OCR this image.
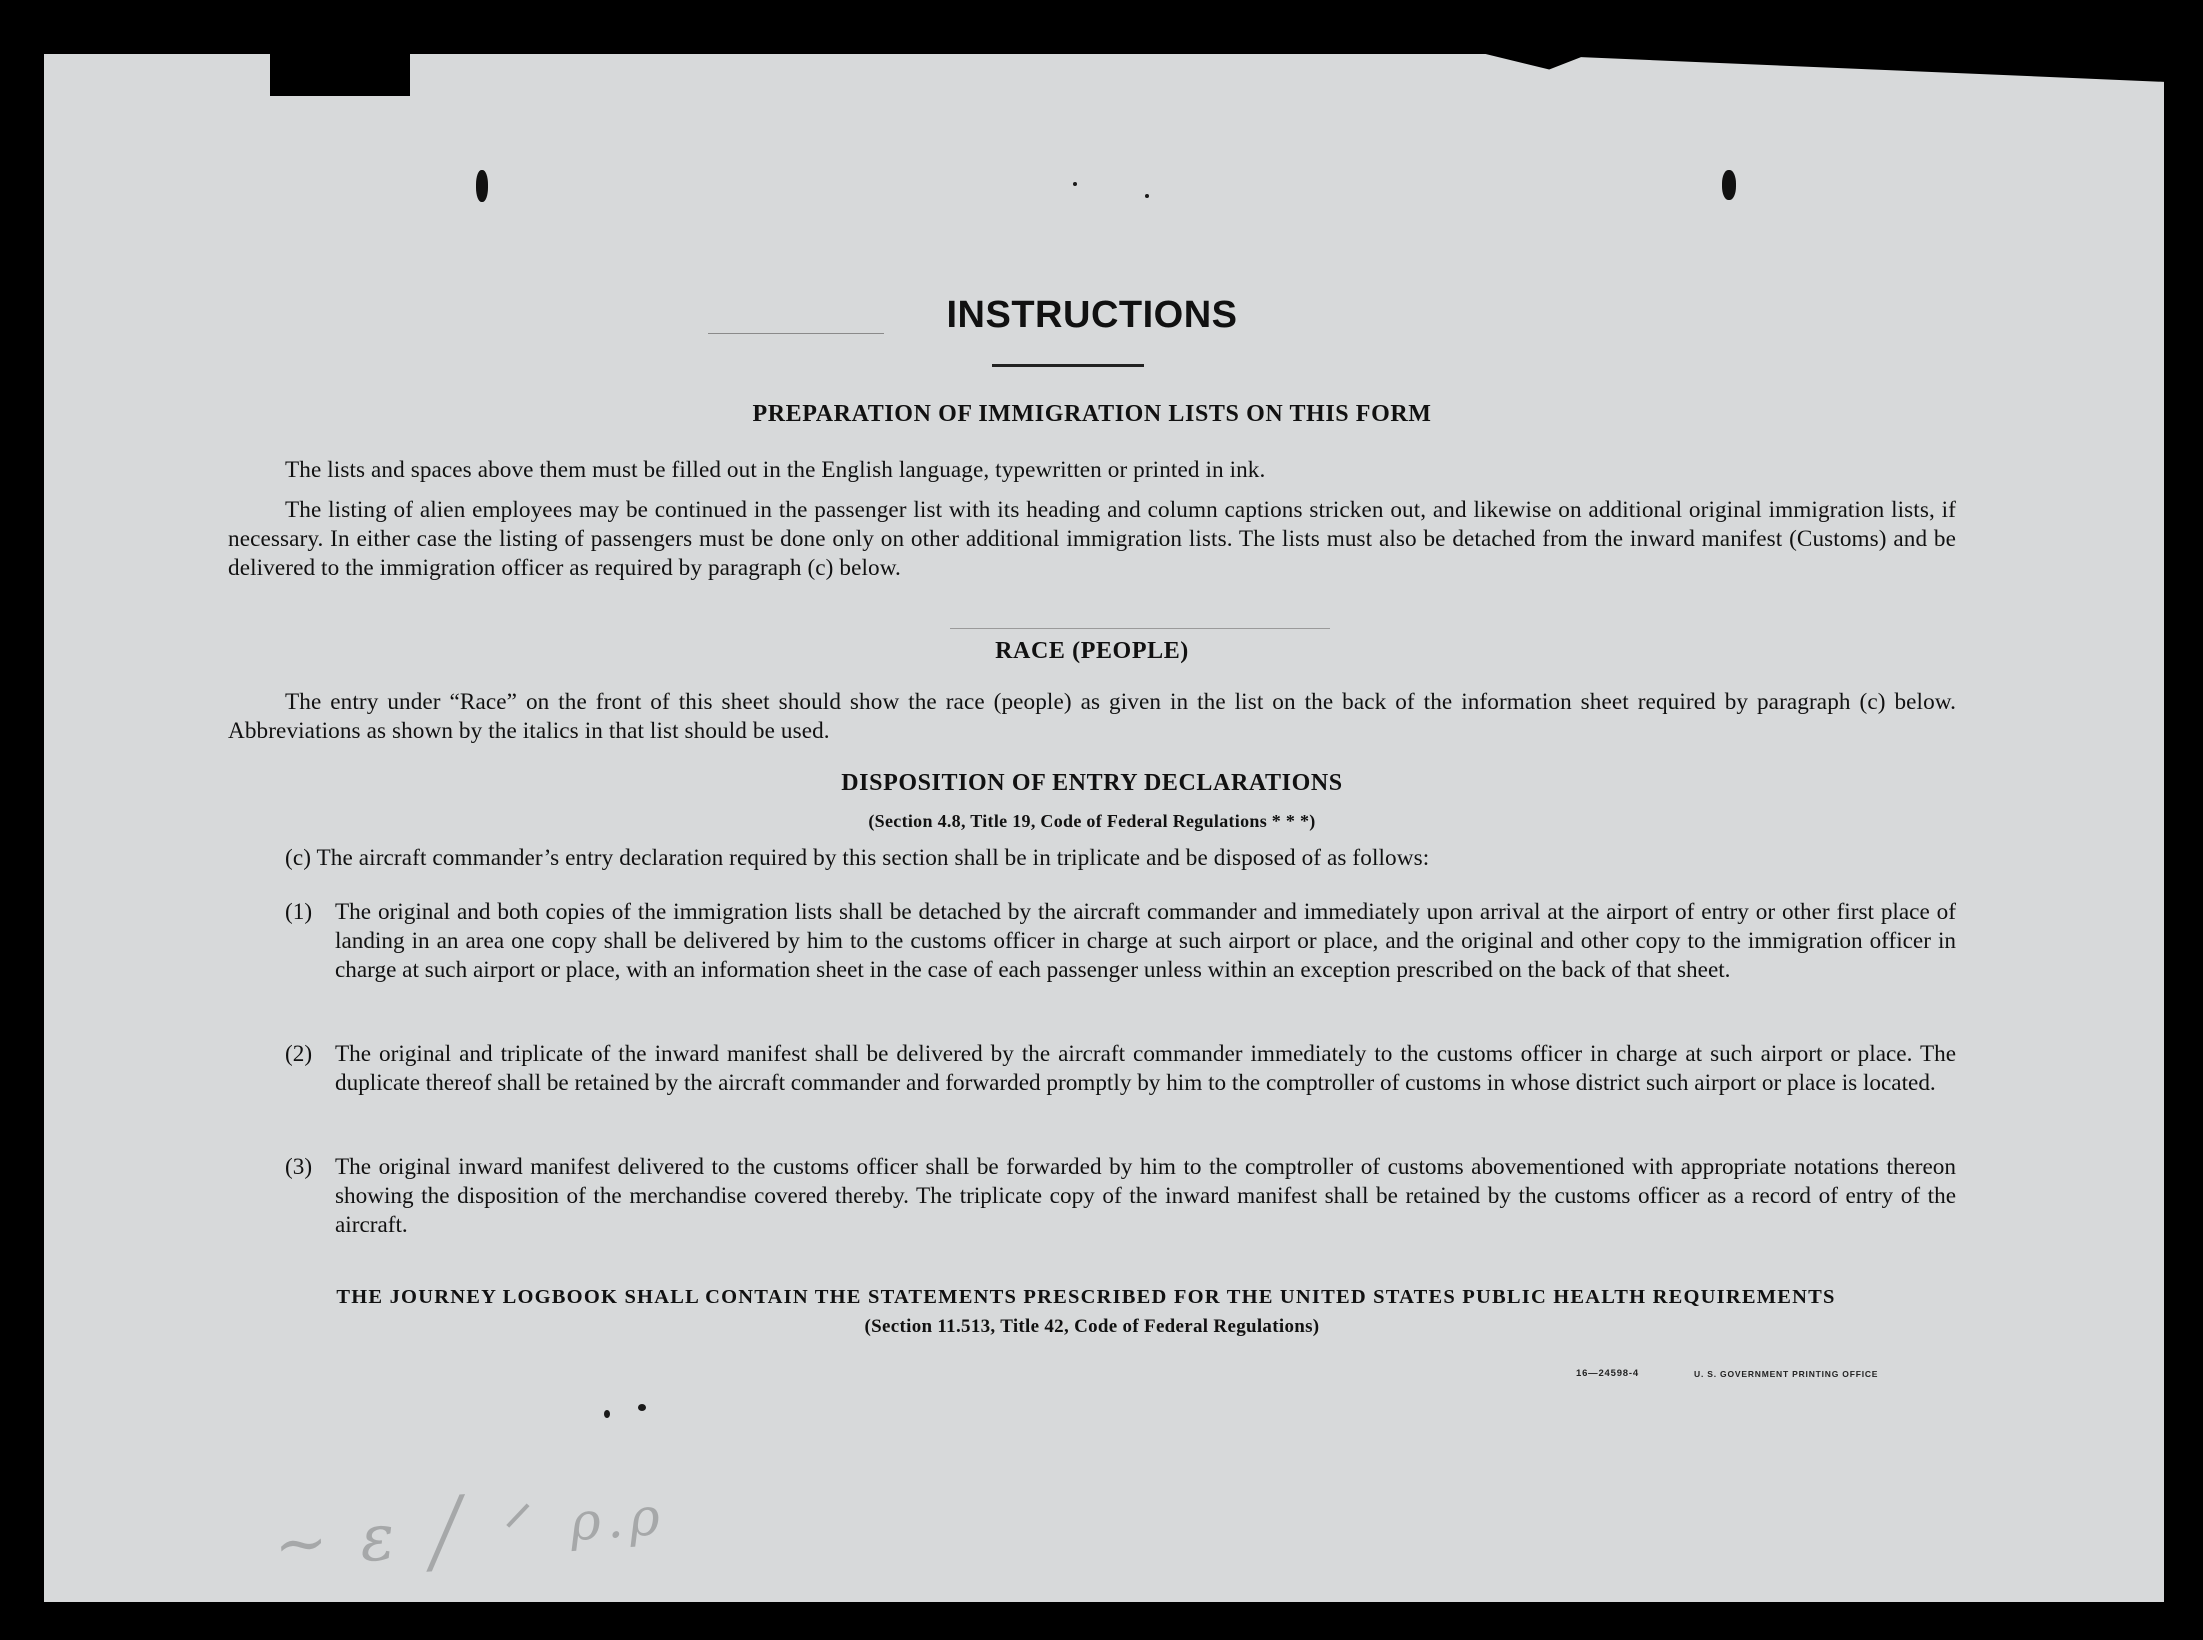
~ ε ╱ ᐟ ρ.ρ
INSTRUCTIONS
PREPARATION OF IMMIGRATION LISTS ON THIS FORM
The lists and spaces above them must be filled out in the English language, typewritten or printed in ink.
The listing of alien employees may be continued in the passenger list with its heading and column captions stricken out, and likewise on additional original immigration lists, if necessary. In either case the listing of passengers must be done only on other additional immigration lists. The lists must also be detached from the inward manifest (Customs) and be delivered to the immigration officer as required by paragraph (c) below.
RACE (PEOPLE)
The entry under “Race” on the front of this sheet should show the race (people) as given in the list on the back of the information sheet required by paragraph (c) below. Abbreviations as shown by the italics in that list should be used.
DISPOSITION OF ENTRY DECLARATIONS
(Section 4.8, Title 19, Code of Federal Regulations * * *)
(c) The aircraft commander’s entry declaration required by this section shall be in triplicate and be disposed of as follows:
(1) The original and both copies of the immigration lists shall be detached by the aircraft commander and immediately upon arrival at the airport of entry or other first place of landing in an area one copy shall be delivered by him to the customs officer in charge at such airport or place, and the original and other copy to the immigration officer in charge at such airport or place, with an information sheet in the case of each passenger unless within an exception prescribed on the back of that sheet.
(2) The original and triplicate of the inward manifest shall be delivered by the aircraft commander immediately to the customs officer in charge at such airport or place. The duplicate thereof shall be retained by the aircraft commander and forwarded promptly by him to the comptroller of customs in whose district such airport or place is located.
(3) The original inward manifest delivered to the customs officer shall be forwarded by him to the comptroller of customs abovementioned with appropriate notations thereon showing the disposition of the merchandise covered thereby. The triplicate copy of the inward manifest shall be retained by the customs officer as a record of entry of the aircraft.
THE JOURNEY LOGBOOK SHALL CONTAIN THE STATEMENTS PRESCRIBED FOR THE UNITED STATES PUBLIC HEALTH REQUIREMENTS
(Section 11.513, Title 42, Code of Federal Regulations)
16—24598-4	U. S. GOVERNMENT PRINTING OFFICE
